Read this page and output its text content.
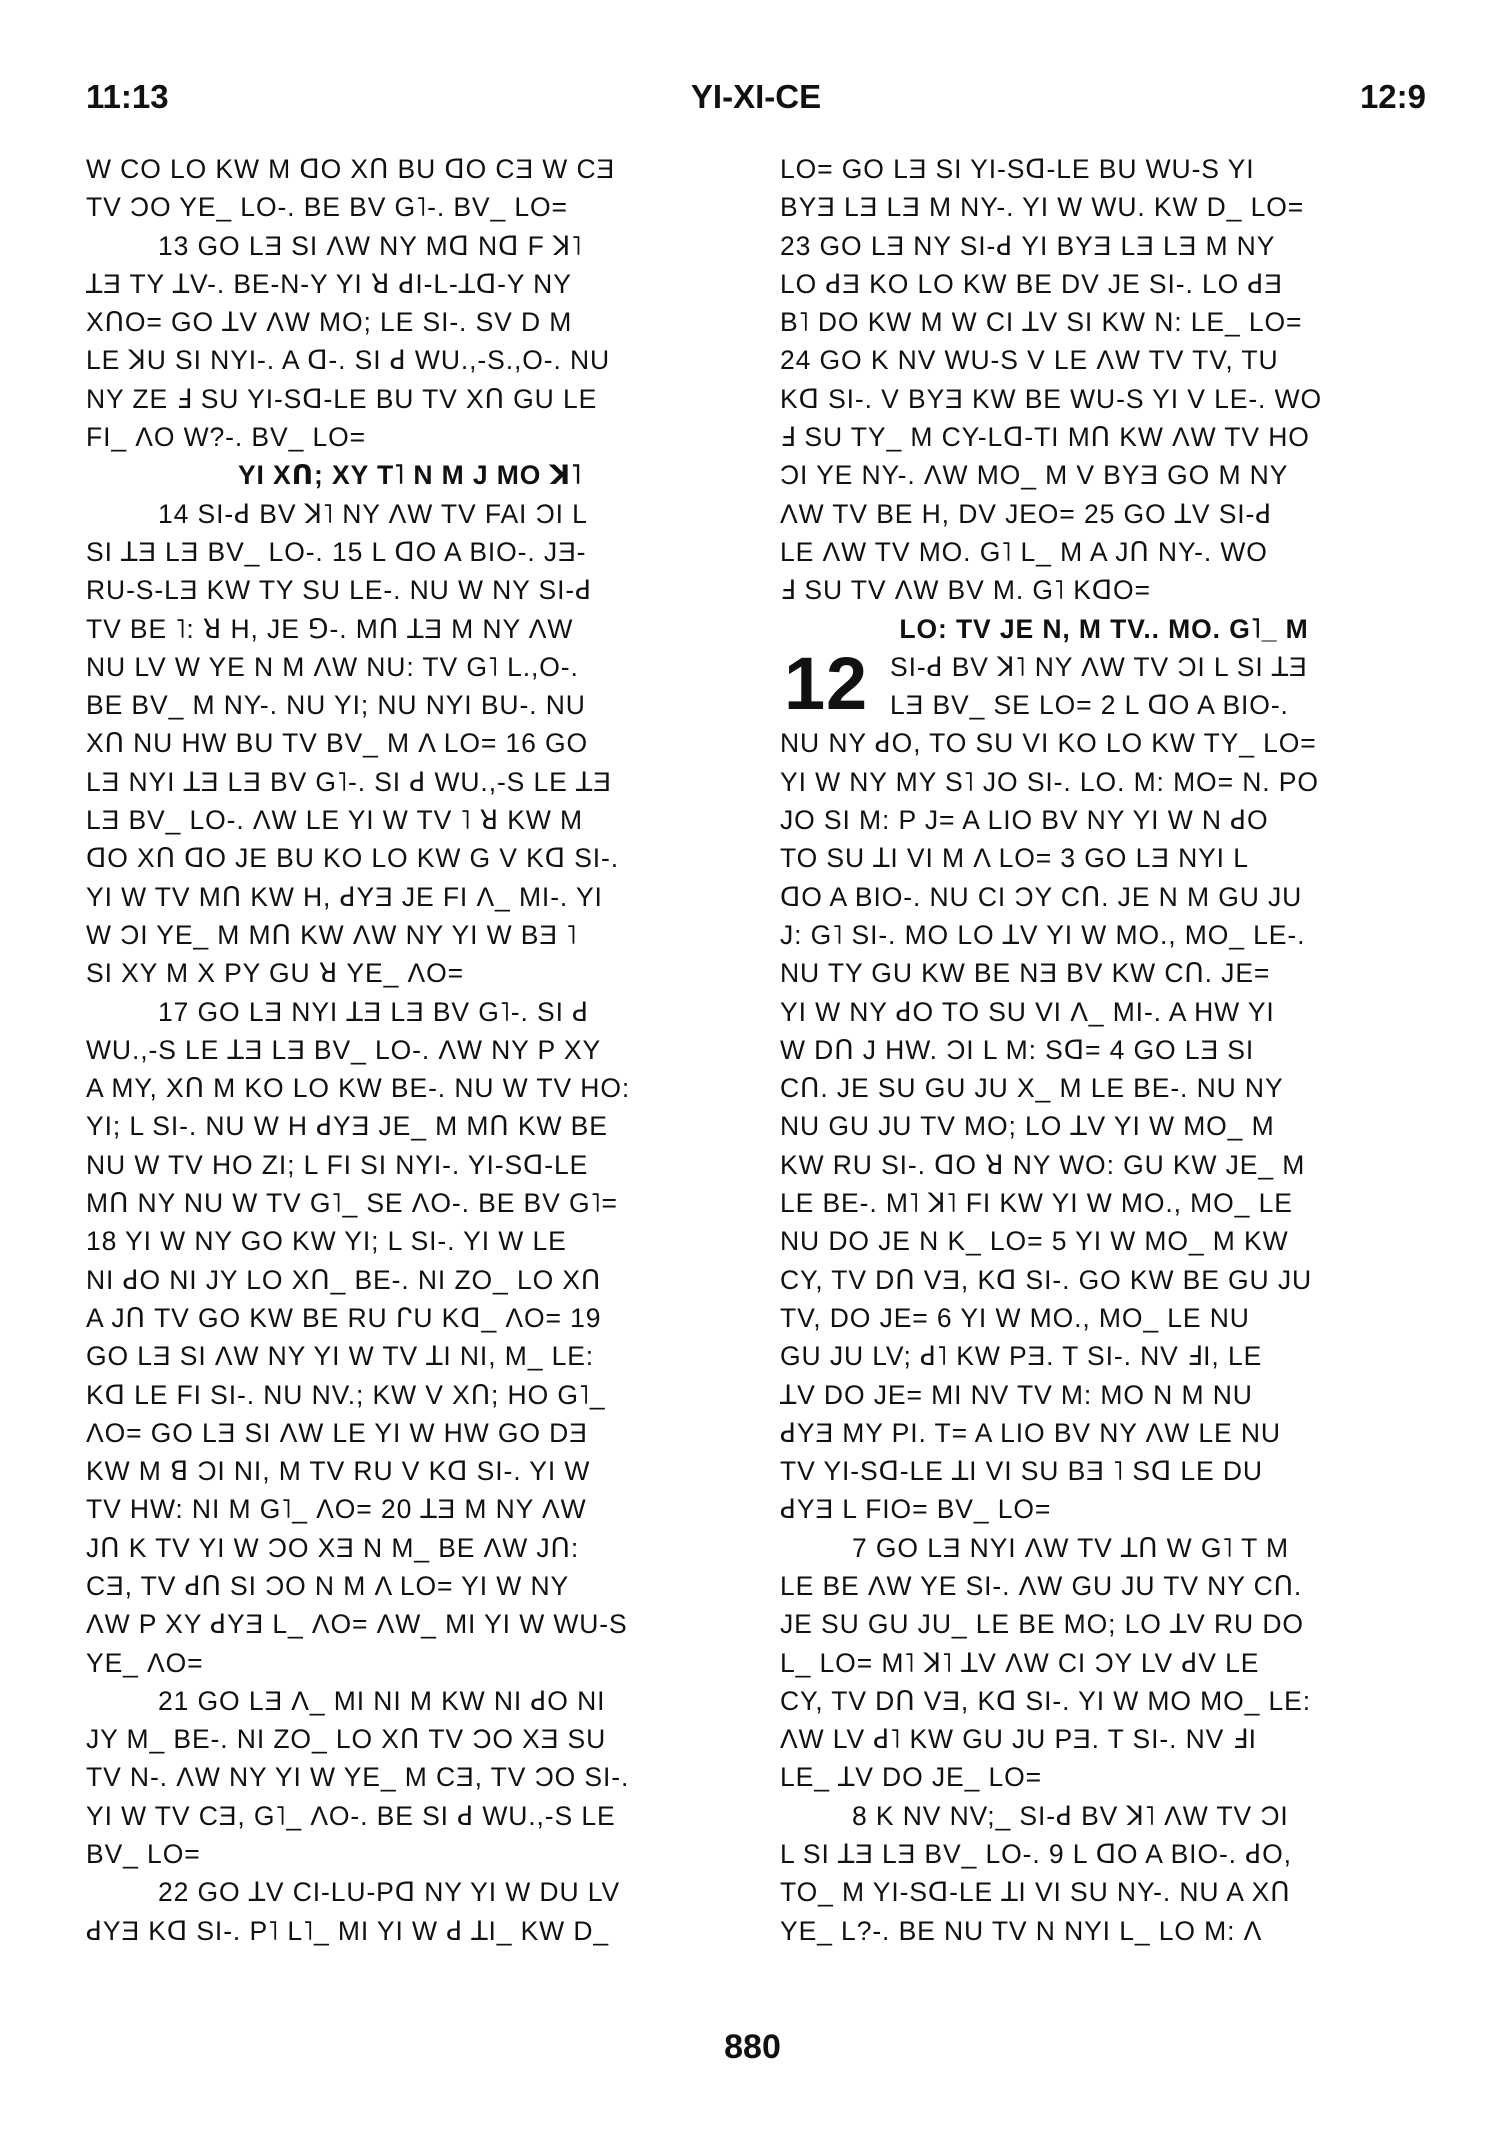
11:13	YI-XI-CE	12:9
W CO LO KW M ꓷO Xꓵ BU ꓷO CƎ W CƎ
TV ƆO YE_ LO-. BE BV G˥-. BV_ LO=
13 GO LƎ SI ΛW NY Mꓷ Nꓷ F ꓘ˥
ꓕƎ TY ꓕV-. BE-N-Y YI ꓤ ꓒI-L-ꓕꓷ-Y NY
XꓵO= GO ꓕV ΛW MO; LE SI-. SV D M
LE ꓘU SI NYI-. A ꓷ-. SI ꓒ WU.,-S.,O-. NU
NY ZE ꓞ SU YI-Sꓷ-LE BU TV Xꓵ GU LE
FI_ ΛO W?-. BV_ LO=
YI Xꓵ; XY T˥ N M J MO ꓘ˥
14 SI-ꓒ BV ꓘ˥ NY ΛW TV FAI ƆI L
SI ꓕƎ LƎ BV_ LO-. 15 L ꓷO A BIO-. JƎ-
RU-S-LƎ KW TY SU LE-. NU W NY SI-ꓒ
TV BE ˥: ꓤ H, JE ꓨ-. Mꓵ ꓕƎ M NY ΛW
NU LV W YE N M ΛW NU: TV G˥ L.,O-.
BE BV_ M NY-. NU YI; NU NYI BU-. NU
Xꓵ NU HW BU TV BV_ M Λ LO= 16 GO
LƎ NYI ꓕƎ LƎ BV G˥-. SI ꓒ WU.,-S LE ꓕƎ
LƎ BV_ LO-. ΛW LE YI W TV ˥ ꓤ KW M
ꓷO Xꓵ ꓷO JE BU KO LO KW G V Kꓷ SI-.
YI W TV Mꓵ KW H, ꓒYƎ JE FI Λ_ MI-. YI
W ƆI YE_ M Mꓵ KW ΛW NY YI W BƎ ˥
SI XY M X PY GU ꓤ YE_ ΛO=
17 GO LƎ NYI ꓕƎ LƎ BV G˥-. SI ꓒ
WU.,-S LE ꓕƎ LƎ BV_ LO-. ΛW NY P XY
A MY, Xꓵ M KO LO KW BE-. NU W TV HO:
YI; L SI-. NU W H ꓒYƎ JE_ M Mꓵ KW BE
NU W TV HO ZI; L FI SI NYI-. YI-Sꓷ-LE
Mꓵ NY NU W TV G˥_ SE ΛO-. BE BV G˥=
18 YI W NY GO KW YI; L SI-. YI W LE
NI ꓒO NI JY LO Xꓵ_ BE-. NI ZO_ LO Xꓵ
A Jꓵ TV GO KW BE RU ᒋU Kꓷ_ ΛO= 19
GO LƎ SI ΛW NY YI W TV ꓕI NI, M_ LE:
Kꓷ LE FI SI-. NU NV.; KW V Xꓵ; HO G˥_
ΛO= GO LƎ SI ΛW LE YI W HW GO DƎ
KW M ꓭ ƆI NI, M TV RU V Kꓷ SI-. YI W
TV HW: NI M G˥_ ΛO= 20 ꓕƎ M NY ΛW
Jꓵ K TV YI W ƆO XƎ N M_ BE ΛW Jꓵ:
CƎ, TV ꓒꓵ SI ƆO N M Λ LO= YI W NY
ΛW P XY ꓒYƎ L_ ΛO= ΛW_ MI YI W WU-S
YE_ ΛO=
21 GO LƎ Λ_ MI NI M KW NI ꓒO NI
JY M_ BE-. NI ZO_ LO Xꓵ TV ƆO XƎ SU
TV N-. ΛW NY YI W YE_ M CƎ, TV ƆO SI-.
YI W TV CƎ, G˥_ ΛO-. BE SI ꓒ WU.,-S LE
BV_ LO=
22 GO ꓕV CI-LU-Pꓷ NY YI W DU LV
ꓒYƎ Kꓷ SI-. P˥ L˥_ MI YI W ꓒ ꓕI_ KW D_
LO= GO LƎ SI YI-Sꓷ-LE BU WU-S YI
BYƎ LƎ LƎ M NY-. YI W WU. KW D_ LO=
23 GO LƎ NY SI-ꓒ YI BYƎ LƎ LƎ M NY
LO ꓒƎ KO LO KW BE DV JE SI-. LO ꓒƎ
B˥ DO KW M W CI ꓕV SI KW N: LE_ LO=
24 GO K NV WU-S V LE ΛW TV TV, TU
Kꓷ SI-. V BYƎ KW BE WU-S YI V LE-. WO
ꓞ SU TY_ M CY-Lꓷ-TI Mꓵ KW ΛW TV HO
ƆI YE NY-. ΛW MO_ M V BYƎ GO M NY
ΛW TV BE H, DV JEO= 25 GO ꓕV SI-ꓒ
LE ΛW TV MO. G˥ L_ M A Jꓵ NY-. WO
ꓞ SU TV ΛW BV M. G˥ KꓷO=
LO: TV JE N, M TV.. MO. G˥_ M
12 SI-ꓒ BV ꓘ˥ NY ΛW TV ƆI L SI ꓕƎ
LƎ BV_ SE LO= 2 L ꓷO A BIO-.
NU NY ꓒO, TO SU VI KO LO KW TY_ LO=
YI W NY MY S˥ JO SI-. LO. M: MO= N. PO
JO SI M: P J= A LIO BV NY YI W N ꓒO
TO SU ꓕI VI M Λ LO= 3 GO LƎ NYI L
ꓷO A BIO-. NU CI ƆY Cꓵ. JE N M GU JU
J: G˥ SI-. MO LO ꓕV YI W MO., MO_ LE-.
NU TY GU KW BE NƎ BV KW Cꓵ. JE=
YI W NY ꓒO TO SU VI Λ_ MI-. A HW YI
W Dꓵ J HW. ƆI L M: Sꓷ= 4 GO LƎ SI
Cꓵ. JE SU GU JU X_ M LE BE-. NU NY
NU GU JU TV MO; LO ꓕV YI W MO_ M
KW RU SI-. ꓷO ꓤ NY WO: GU KW JE_ M
LE BE-. M˥ ꓘ˥ FI KW YI W MO., MO_ LE
NU DO JE N K_ LO= 5 YI W MO_ M KW
CY, TV Dꓵ VƎ, Kꓷ SI-. GO KW BE GU JU
TV, DO JE= 6 YI W MO., MO_ LE NU
GU JU LV; ꓒ˥ KW PƎ. T SI-. NV ꓞI, LE
ꓕV DO JE= MI NV TV M: MO N M NU
ꓒYƎ MY PI. T= A LIO BV NY ΛW LE NU
TV YI-Sꓷ-LE ꓕI VI SU BƎ ˥ Sꓷ LE DU
ꓒYƎ L FIO= BV_ LO=
7 GO LƎ NYI ΛW TV ꓕꓵ W G˥ T M
LE BE ΛW YE SI-. ΛW GU JU TV NY Cꓵ.
JE SU GU JU_ LE BE MO; LO ꓕV RU DO
L_ LO= M˥ ꓘ˥ ꓕV ΛW CI ƆY LV ꓒV LE
CY, TV Dꓵ VƎ, Kꓷ SI-. YI W MO MO_ LE:
ΛW LV ꓒ˥ KW GU JU PƎ. T SI-. NV ꓞI
LE_ ꓕV DO JE_ LO=
8 K NV NV;_ SI-ꓒ BV ꓘ˥ ΛW TV ƆI
L SI ꓕƎ LƎ BV_ LO-. 9 L ꓷO A BIO-. ꓒO,
TO_ M YI-Sꓷ-LE ꓕI VI SU NY-. NU A Xꓵ
YE_ L?-. BE NU TV N NYI L_ LO M: Λ
880
